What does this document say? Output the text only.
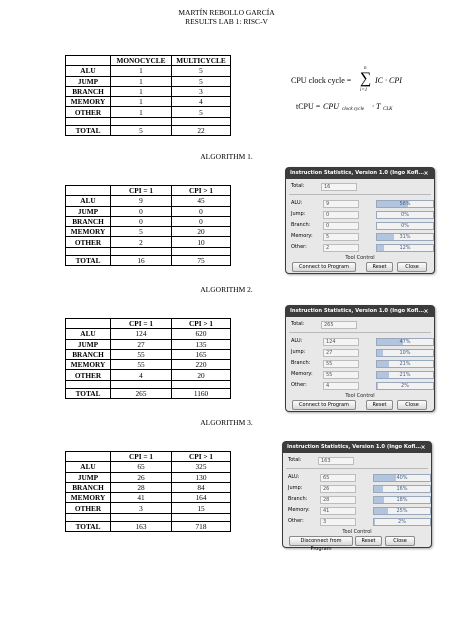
MARTÍN REBOLLO GARCÍA
RESULTS LAB 1: RISC-V
	MONOCYCLE	MULTICYCLE
ALU	1	5
JUMP	1	5
BRANCH	1	3
MEMORY	1	4
OTHER	1	5

TOTAL	5	22
CPU clock cycle =
n
∑
i=1
IC · CPI
tCPU = CPU clock cycle · T CLK
ALGORITHM 1.
	CPI = 1	CPI > 1
ALU	9	45
JUMP	0	0
BRANCH	0	0
MEMORY	5	20
OTHER	2	10

TOTAL	16	75
Instruction Statistics, Version 1.0 (Ingo Kofl... ×
Total:	16
ALU:	9	56%
Jump:	0	0%
Branch:	0	0%
Memory:	5	31%
Other:	2	12%
Tool Control
Connect to Program	Reset	Close
ALGORITHM 2.
	CPI = 1	CPI > 1
ALU	124	620
JUMP	27	135
BRANCH	55	165
MEMORY	55	220
OTHER	4	20

TOTAL	265	1160
Instruction Statistics, Version 1.0 (Ingo Kofl... ×
Total:	265
ALU:	124	47%
Jump:	27	10%
Branch:	55	21%
Memory:	55	21%
Other:	4	2%
Tool Control
Connect to Program	Reset	Close
ALGORITHM 3.
	CPI = 1	CPI > 1
ALU	65	325
JUMP	26	130
BRANCH	28	84
MEMORY	41	164
OTHER	3	15

TOTAL	163	718
Instruction Statistics, Version 1.0 (Ingo Kofl... ×
Total:	163
ALU:	65	40%
Jump:	26	16%
Branch:	28	18%
Memory:	41	25%
Other:	3	2%
Tool Control
Disconnect from Program
Reset	Close
